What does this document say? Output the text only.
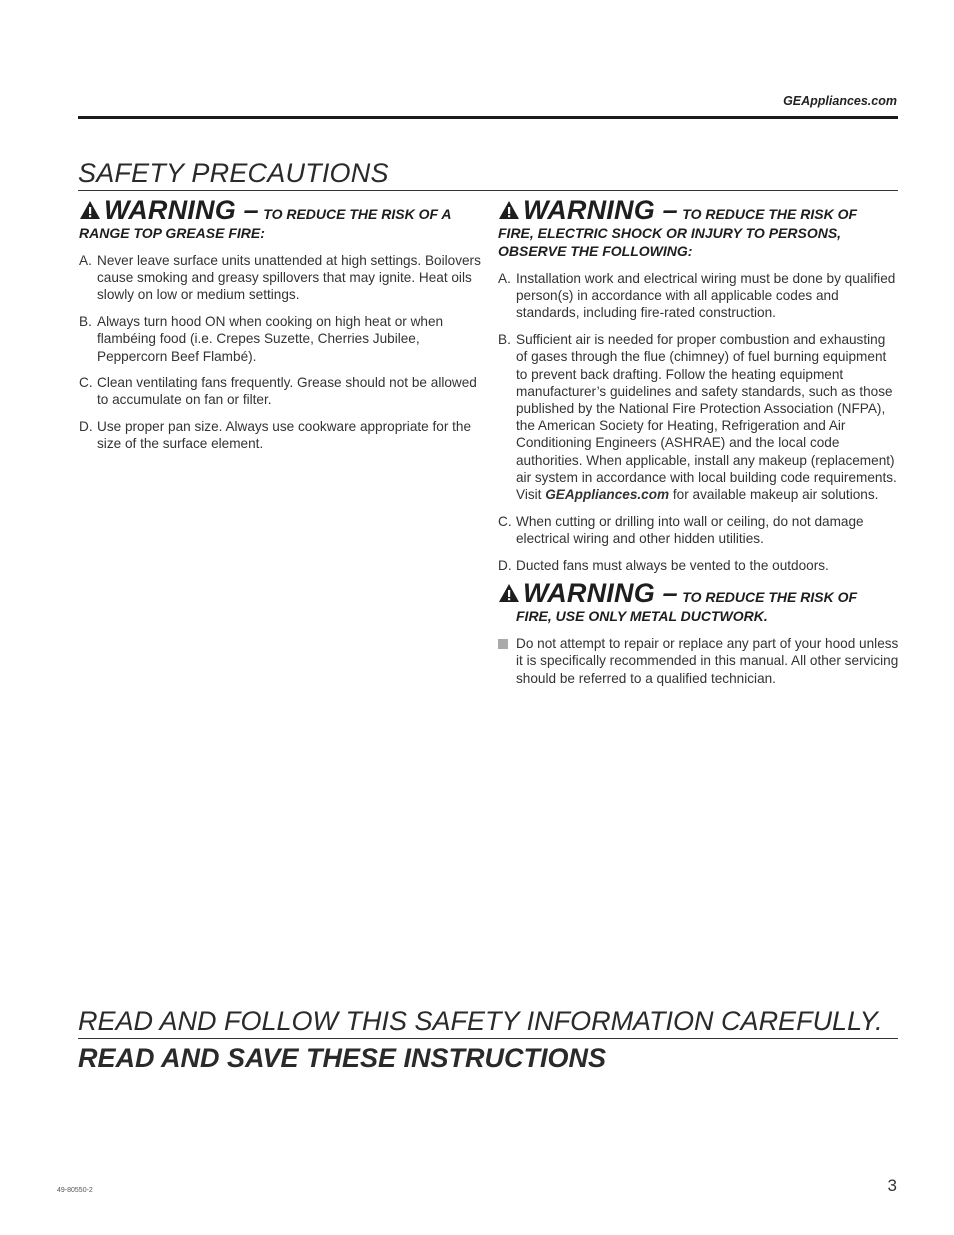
GEAppliances.com
SAFETY PRECAUTIONS
WARNING – TO REDUCE THE RISK OF A
RANGE TOP GREASE FIRE:
A. Never leave surface units unattended at high settings. Boilovers cause smoking and greasy spillovers that may ignite. Heat oils slowly on low or medium settings.
B. Always turn hood ON when cooking on high heat or when flambéing food (i.e. Crepes Suzette, Cherries Jubilee, Peppercorn Beef Flambé).
C. Clean ventilating fans frequently. Grease should not be allowed to accumulate on fan or filter.
D. Use proper pan size. Always use cookware appropriate for the size of the surface element.
WARNING – TO REDUCE THE RISK OF
FIRE, ELECTRIC SHOCK OR INJURY TO PERSONS, OBSERVE THE FOLLOWING:
A. Installation work and electrical wiring must be done by qualified person(s) in accordance with all applicable codes and standards, including fire-rated construction.
B. Sufficient air is needed for proper combustion and exhausting of gases through the flue (chimney) of fuel burning equipment to prevent back drafting. Follow the heating equipment manufacturer’s guidelines and safety standards, such as those published by the National Fire Protection Association (NFPA), the American Society for Heating, Refrigeration and Air Conditioning Engineers (ASHRAE) and the local code authorities. When applicable, install any makeup (replacement) air system in accordance with local building code requirements. Visit GEAppliances.com for available makeup air solutions.
C. When cutting or drilling into wall or ceiling, do not damage electrical wiring and other hidden utilities.
D. Ducted fans must always be vented to the outdoors.
WARNING – TO REDUCE THE RISK OF
FIRE, USE ONLY METAL DUCTWORK.
Do not attempt to repair or replace any part of your hood unless it is specifically recommended in this manual. All other servicing should be referred to a qualified technician.
READ AND FOLLOW THIS SAFETY INFORMATION CAREFULLY.
READ AND SAVE THESE INSTRUCTIONS
49-80550-2	3
